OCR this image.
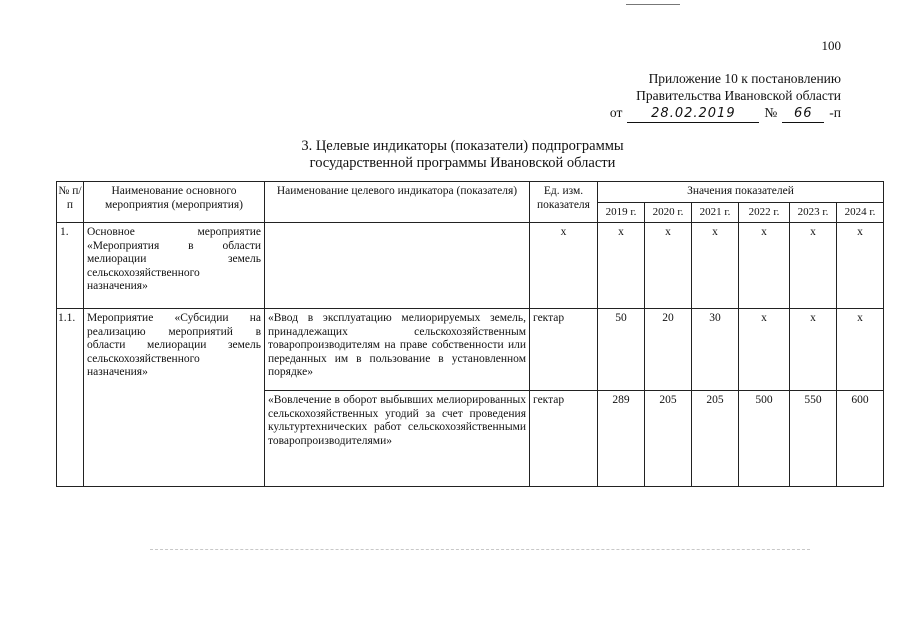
100
Приложение 10 к постановлению
Правительства Ивановской области
от	28.02.2019	№	66	-п
3. Целевые индикаторы (показатели) подпрограммы
государственной программы Ивановской области
№ п/п	Наименование основного мероприятия (мероприятия)	Наименование целевого индикатора (показателя)	Ед. изм. показателя	Значения показателей					
				2019 г.	2020 г.	2021 г.	2022 г.	2023 г.	2024 г.
1.	Основное мероприятие «Мероприятия в области мелиорации земель сельскохозяйственного назначения»		х	х	х	х	х	х	х
1.1.	Мероприятие «Субсидии на реализацию мероприятий в области мелиорации земель сельскохозяйственного назначения»	«Ввод в эксплуатацию мелиорируемых земель, принадлежащих сельскохозяйственным товаропроизводителям на праве собственности или переданных им в пользование в установленном порядке»	гектар	50	20	30	х	х	х
		«Вовлечение в оборот выбывших мелиорированных сельскохозяйственных угодий за счет проведения культуртехнических работ сельскохозяйственными товаропроизводителями»	гектар	289	205	205	500	550	600
